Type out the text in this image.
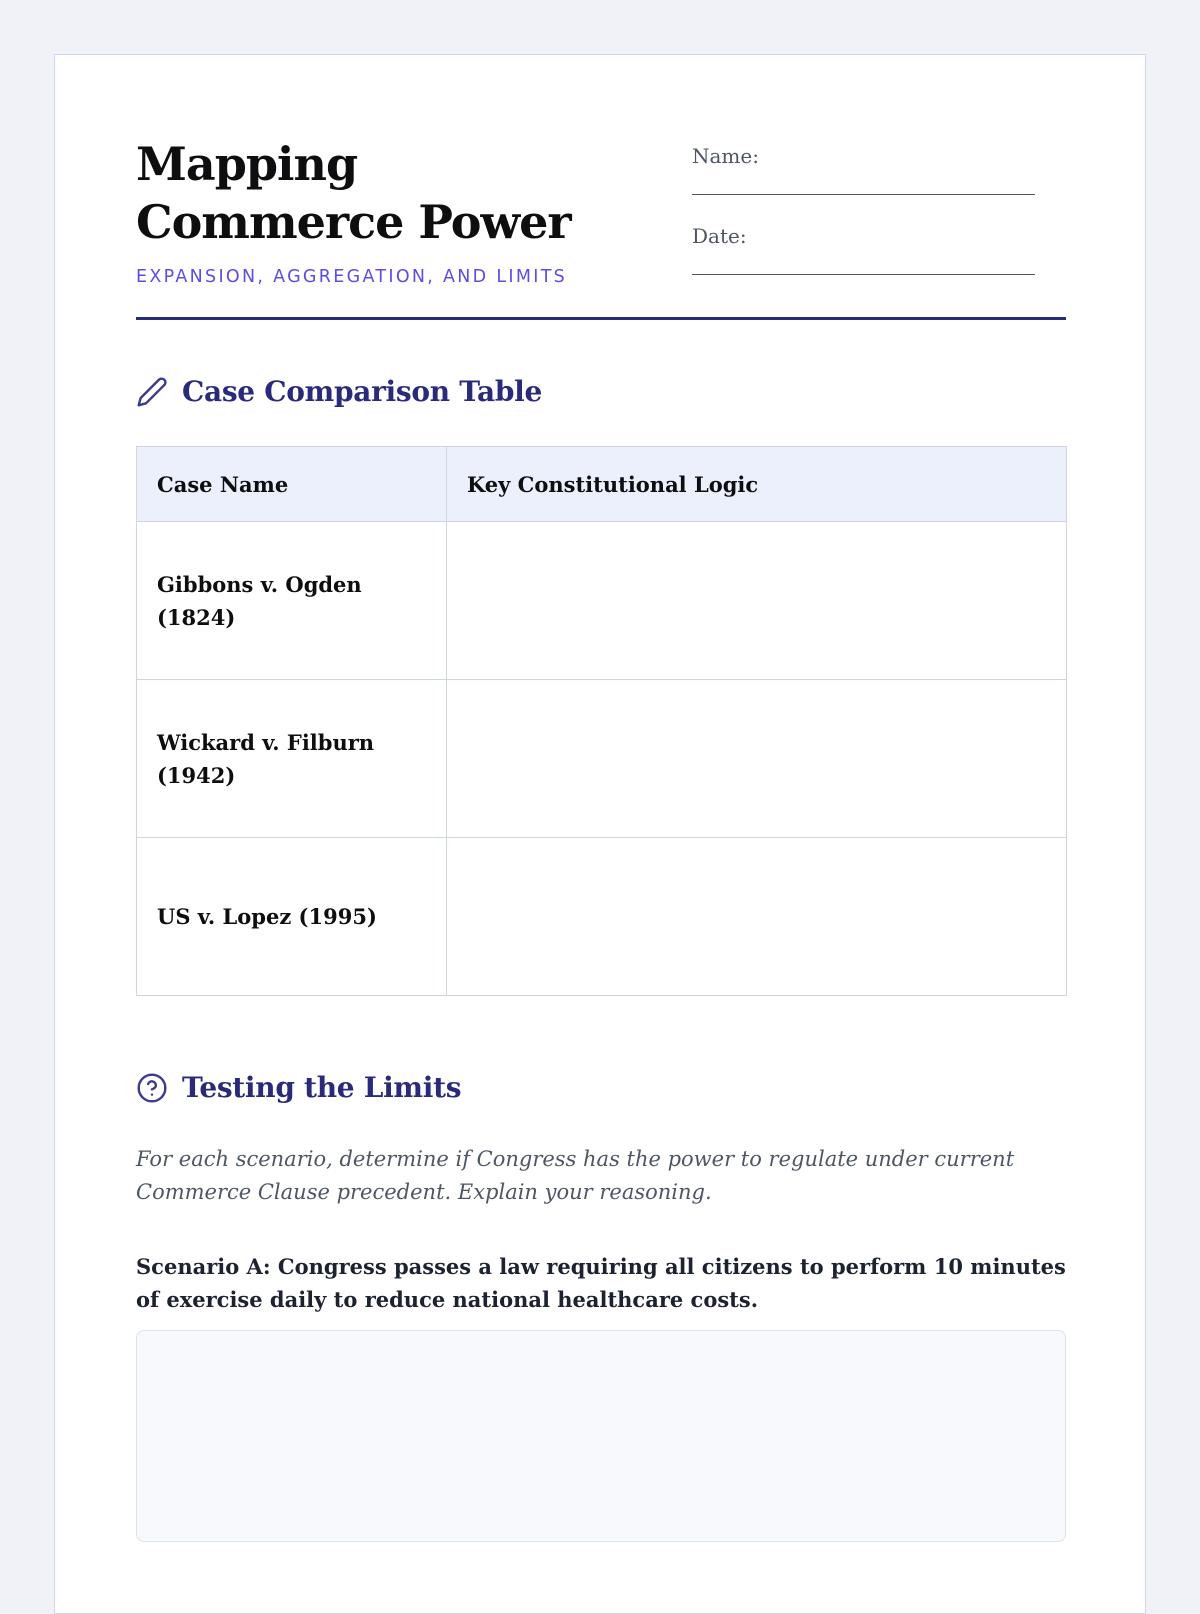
Mapping Commerce Power
EXPANSION, AGGREGATION, AND LIMITS
Name:
Date:
Case Comparison Table
Case Name	Key Constitutional Logic
Gibbons v. Ogden (1824)	
Wickard v. Filburn (1942)	
US v. Lopez (1995)	
Testing the Limits

For each scenario, determine if Congress has the power to regulate under current Commerce Clause precedent. Explain your reasoning.

Scenario A: Congress passes a law requiring all citizens to perform 10 minutes of exercise daily to reduce national healthcare costs.
